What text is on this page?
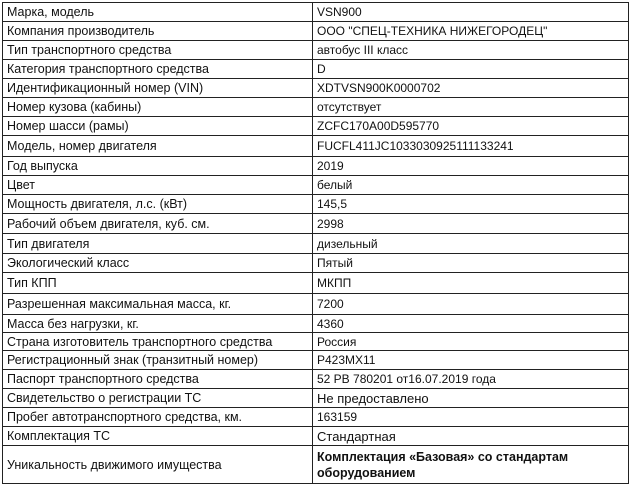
Марка, модель	VSN900
Компания производитель	ООО "СПЕЦ-ТЕХНИКА НИЖЕГОРОДЕЦ"
Тип транспортного средства	автобус III класс
Категория транспортного средства	D
Идентификационный номер (VIN)	XDTVSN900K0000702
Номер кузова (кабины)	отсутствует
Номер шасси (рамы)	ZCFC170A00D595770
Модель, номер двигателя	FUCFL411JC1033030925111133241
Год выпуска	2019
Цвет	белый
Мощность двигателя, л.с. (кВт)	145,5
Рабочий объем двигателя, куб. см.	2998
Тип двигателя	дизельный
Экологический класс	Пятый
Тип КПП	МКПП
Разрешенная максимальная масса, кг.	7200
Масса без нагрузки, кг.	4360
Страна изготовитель транспортного средства	Россия
Регистрационный знак (транзитный номер)	Р423МХ11
Паспорт транспортного средства	52 РВ 780201 от16.07.2019 года
Свидетельство о регистрации ТС	Не предоставлено
Пробег автотранспортного средства, км.	163159
Комплектация ТС	Стандартная
Уникальность движимого имущества	Комплектация «Базовая» со стандартам оборудованием
